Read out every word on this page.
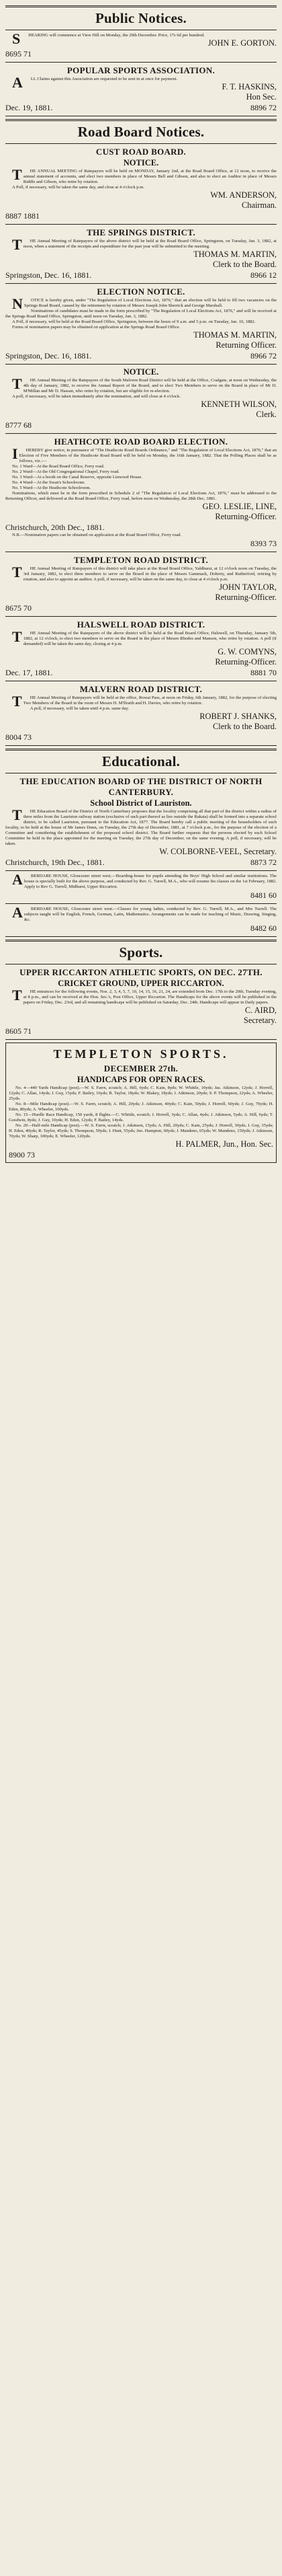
Public Notices.

SHEARING will commence at View Hill on Monday, the 29th December. Price, 17s 6d per hundred.

JOHN E. GORTON.

8695 71
POPULAR SPORTS ASSOCIATION.

ALL Claims against this Association are requested to be sent in at once for payment.

F. T. HASKINS,

Hon Sec.

Dec. 19, 1881.	8896 72
Road Board Notices.
CUST ROAD BOARD.
NOTICE.

THE ANNUAL MEETING of Ratepayers will be held on MONDAY, January 2nd, at the Road Board Office, at 12 noon, to receive the annual statement of accounts, and elect two members in place of Messrs Bell and Gibson, and also to elect an Auditor in place of Messrs Riddle and Gibson, who retire by rotation.

A Poll, if necessary, will be taken the same day, and close at 4 o'clock p.m.

WM. ANDERSON,

Chairman.

8887 1881
THE SPRINGS DISTRICT.

THE Annual Meeting of Ratepayers of the above district will be held at the Road Board Office, Springston, on Tuesday, Jan. 3, 1882, at noon, when a statement of the receipts and expenditure for the past year will be submitted to the meeting.

THOMAS M. MARTIN,

Clerk to the Board.

Springston, Dec. 16, 1881.	8966 12
ELECTION NOTICE.

NOTICE is hereby given, under "The Regulation of Local Elections Act, 1876," that an election will be held to fill two vacancies on the Springs Road Board, caused by the retirement by rotation of Messrs Joseph John Sherrick and George Marshall.

Nominations of candidates must be made in the form prescribed by "The Regulation of Local Elections Act, 1876," and will be received at the Springs Road Board Office, Springston, until noon on Tuesday, Jan. 3, 1882.

A Poll, if necessary, will be held at the Road Board Office, Springston, between the hours of 9 a.m. and 5 p.m. on Tuesday, Jan. 10, 1882.

Forms of nomination papers may be obtained on application at the Springs Road Board Office.

THOMAS M. MARTIN,

Returning Officer.

Springston, Dec. 16, 1881.	8966 72
NOTICE.

THE Annual Meeting of the Ratepayers of the South Malvern Road District will be held at the Office, Coalgate, at noon on Wednesday, the 4th day of January, 1882, to receive the Annual Report of the Board, and to elect Two Members to serve on the Board in place of Mr D. M'Millan and Mr D. Hassan, who retire by rotation, but are eligible for re-election.

A poll, if necessary, will be taken immediately after the nomination, and will close at 4 o'clock.

KENNETH WILSON,

Clerk.

8777 68
HEATHCOTE ROAD BOARD ELECTION.

IHEREBY give notice, in pursuance of "The Heathcote Road Boards Ordinance," and "The Regulation of Local Elections Act, 1876," that an Election of Five Members of the Heathcote Road Board will be held on Monday, the 16th January, 1882. That the Polling Places shall be as follows, viz.:—

No. 1 Ward—At the Road Board Office, Ferry road.

No. 2 Ward—At the Old Congregational Chapel, Ferry road.

No. 3 Ward—At a booth on the Canal Reserve, opposite Linwood House.

No. 4 Ward—At the Swan's Schoolroom.

No. 5 Ward—At the Heathcote Schoolroom.

Nominations, which must be in the form prescribed in Schedule 2 of "The Regulation of Local Elections Act, 1876," must be addressed to the Returning Officer, and delivered at the Road Board Office, Ferry road, before noon on Wednesday, the 28th Dec, 1881.

GEO. LESLIE, LINE,

Returning-Officer.

Christchurch, 20th Dec., 1881.

N.B.—Nomination papers can be obtained on application at the Road Board Office, Ferry road.

8393 73
TEMPLETON ROAD DISTRICT.

THE Annual Meeting of Ratepayers of this district will take place at the Road Board Office, Yaldhurst, at 12 o'clock noon on Tuesday, the 3rd January, 1882, to elect three members to serve on the Board in the place of Messrs Gammack, Doherty, and Rutherford, retiring by rotation, and also to appoint an auditor. A poll, if necessary, will be taken on the same day, to close at 4 o'clock p.m.

JOHN TAYLOR,

Returning-Officer.

8675 70
HALSWELL ROAD DISTRICT.

THE Annual Meeting of the Ratepayers of the above district will be held at the Road Board Office, Halswell, on Thursday, January 5th, 1882, at 12 o'clock, to elect two members to serve on the Board in the place of Messrs Rhodes and Manson, who retire by rotation. A poll (if demanded) will be taken the same day, closing at 4 p.m.

G. W. COMYNS,

Returning-Officer.

Dec. 17, 1881.	8881 70
MALVERN ROAD DISTRICT.

THE Annual Meeting of Ratepayers will be held at the office, Rowai Pass, at noon on Friday, 6th January, 1882, for the purpose of electing Two Members of the Board in the room of Messrs H. M'Ilraith and H. Davies, who retire by rotation.

A poll, if necessary, will be taken until 4 p.m. same day.

ROBERT J. SHANKS,

Clerk to the Board.

8004 73
Educational.
THE EDUCATION BOARD OF THE DISTRICT OF NORTH CANTERBURY.
School District of Lauriston.

THE Education Board of the District of North Canterbury proposes that the locality comprising all that part of the district within a radius of three miles from the Lauriston railway station (exclusive of such part thereof as lies outside the Rakaia) shall be formed into a separate school district, to be called Lauriston, pursuant to the Education Act, 1877. The Board hereby call a public meeting of the householders of such locality, to be held at the house of Mr James Dunn, on Tuesday, the 27th day of December, 1881, at 7 o'clock p.m., for the purpose of the election of a Committee and considering the establishment of the proposed school district. The Board further requests that the persons elected by such School Committee be held in the place appointed for the meeting on Tuesday, the 27th day of December, on the same evening. A poll, if necessary, will be taken.

W. COLBORNE-VEEL, Secretary.

Christchurch, 19th Dec., 1881.	8873 72

ABERDARE HOUSE, Gloucester street west.—Boarding-house for pupils attending the Boys' High School and similar institutions. The house is specially built for the above purpose, and conducted by Rev. G. Turrell, M.A., who will resume his classes on the 1st February, 1882. Apply to Rev G. Turrell, Midhurst, Upper Riccarton.

8481 60

ABERDARE HOUSE, Gloucester street west.—Classes for young ladies, conducted by Rev. G. Turrell, M.A., and Mrs Turrell. The subjects taught will be English, French, German, Latin, Mathematics. Arrangements can be made for teaching of Music, Drawing, Singing, &c.

8482 60
Sports.
UPPER RICCARTON ATHLETIC SPORTS, ON DEC. 27TH.
CRICKET GROUND, UPPER RICCARTON.

THE entrances for the following events, Nos. 2, 3, 4, 5, 7, 10, 14, 15, 16, 21, 24, are extended from Dec. 17th to the 20th, Tuesday evening, at 8 p.m., and can be received at the Hon. Sec.'s, Post Office, Upper Riccarton. The Handicaps for the above events will be published in the papers on Friday, Dec. 23rd, and all remaining handicaps will be published on Saturday, Dec. 24th. Handicaps will appear in Daily papers.

C. AIRD,

Secretary.

8605 71
TEMPLETON SPORTS.
DECEMBER 27th.
HANDICAPS FOR OPEN RACES.

No. 4—440 Yards Handicap (post).—W. S. Farrn, scratch; A. Hill, 6yds; C. Kain, 8yds; W. Whittle, 10yds; Jas. Atkinson, 12yds; J. Horrell, 12yds; C. Allan, 14yds; J. Guy, 15yds; F. Bailey, 16yds; R. Taylor, 18yds; W. Blakey, 18yds; J. Atkinson, 20yds; S. P. Thompson, 22yds; A. Wheeler, 25yds.

No. 8—Mile Handicap (post).—W. S. Farrn, scratch; A. Hill, 20yds; J. Atkinson, 40yds; C. Kain, 50yds; J. Horrell, 60yds; J. Guy, 70yds; H. Eden, 80yds; A. Wheeler, 100yds.

No. 15—Hurdle Race Handicap, 150 yards, 8 flights.—C. Whittle, scratch; J. Horrell, 3yds; C. Allan, 4yds; J. Atkinson, 5yds; A. Hill, 6yds; T. Goodwin, 8yds; J. Guy, 10yds; H. Eden, 12yds; F. Bailey, 14yds.

No. 20—Half-mile Handicap (post).—W. S. Farrn, scratch; J. Atkinson, 15yds; A. Hill, 20yds; C. Kain, 25yds; J. Horrell, 30yds; J. Guy, 35yds; H. Eden, 40yds; R. Taylor, 45yds; S. Thompson, 50yds; J. Hunt, 55yds; Jno. Hampton, 60yds; J. Mandeno, 65yds; W. Mandeno, 150yds; J. Atkinson, 70yds; W. Sharp, 100yds; E. Wheeler, 120yds.

H. PALMER, Jun., Hon. Sec.

8900 73
